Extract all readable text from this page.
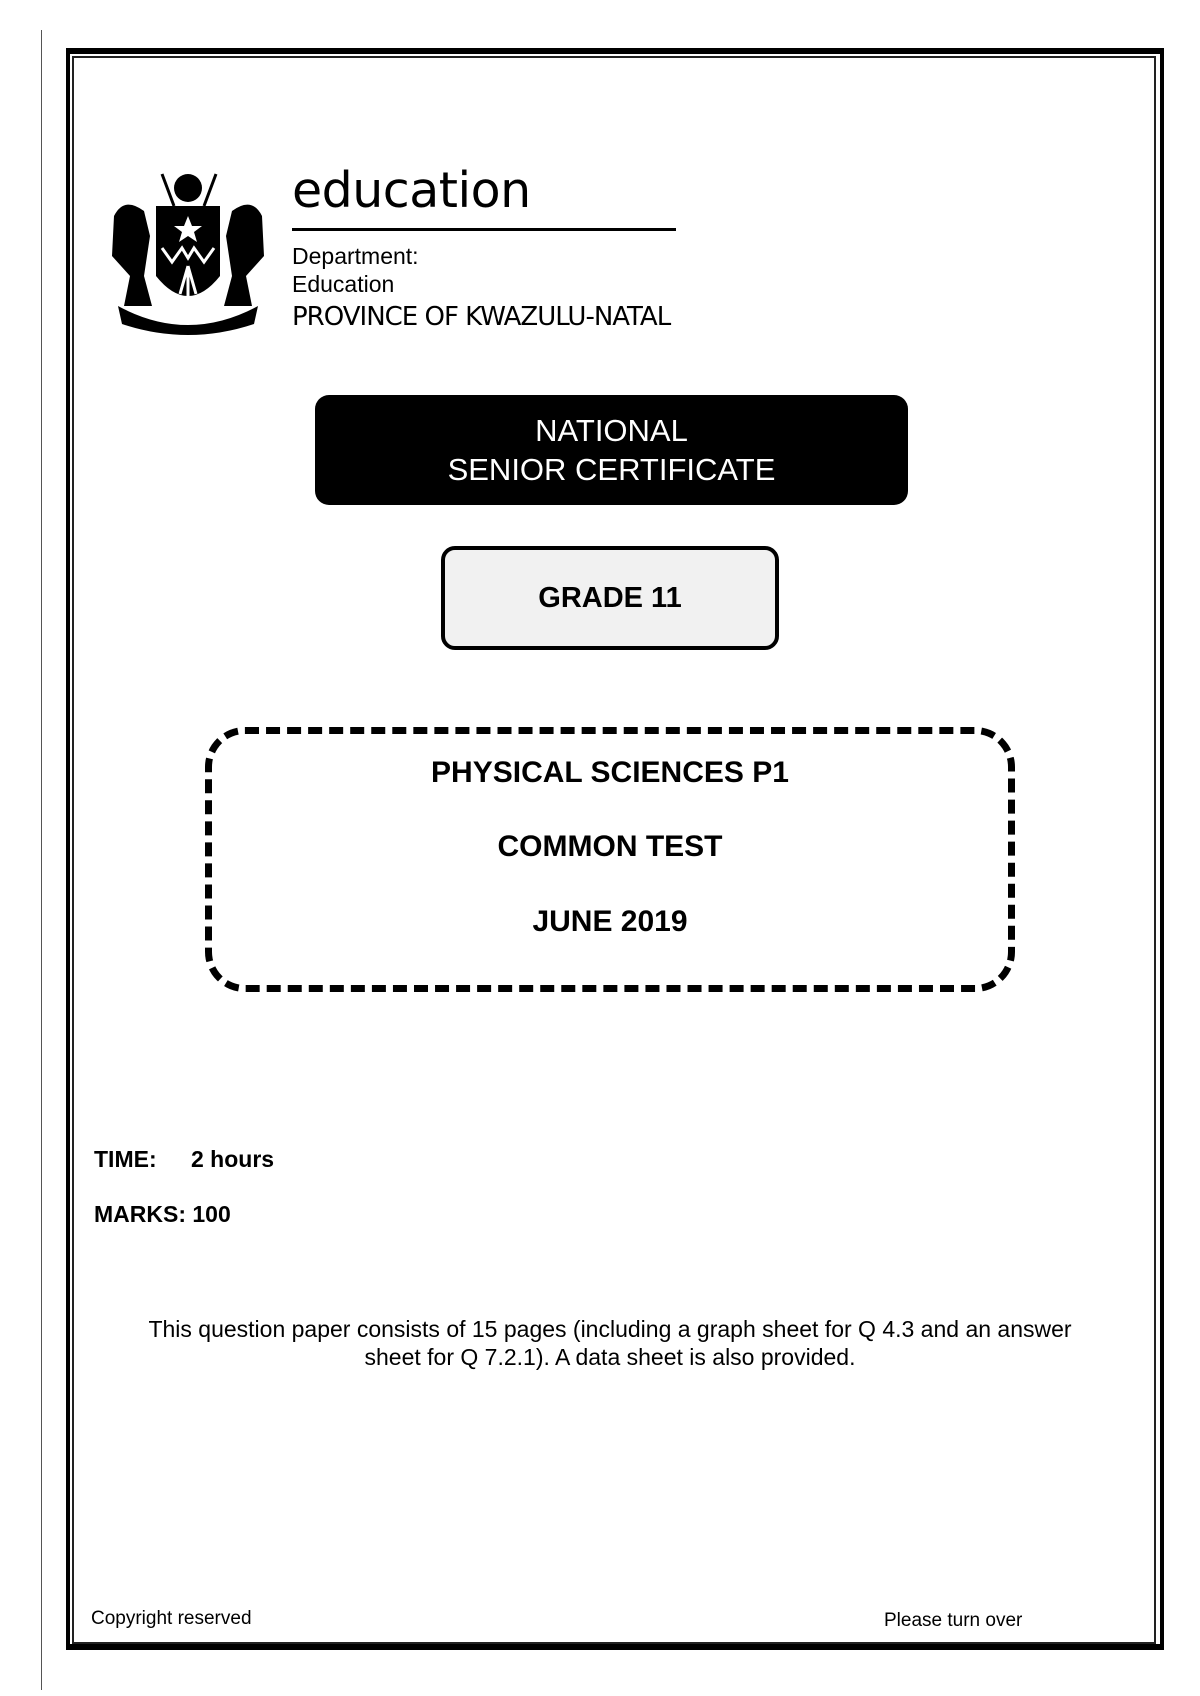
education
Department:
Education
PROVINCE OF KWAZULU-NATAL
NATIONAL
SENIOR CERTIFICATE
GRADE 11
PHYSICAL SCIENCES P1
COMMON TEST
JUNE 2019
TIME: 2 hours
MARKS: 100
This question paper consists of 15 pages (including a graph sheet for Q 4.3 and an answer
sheet for Q 7.2.1). A data sheet is also provided.
Copyright reserved	Please turn over
